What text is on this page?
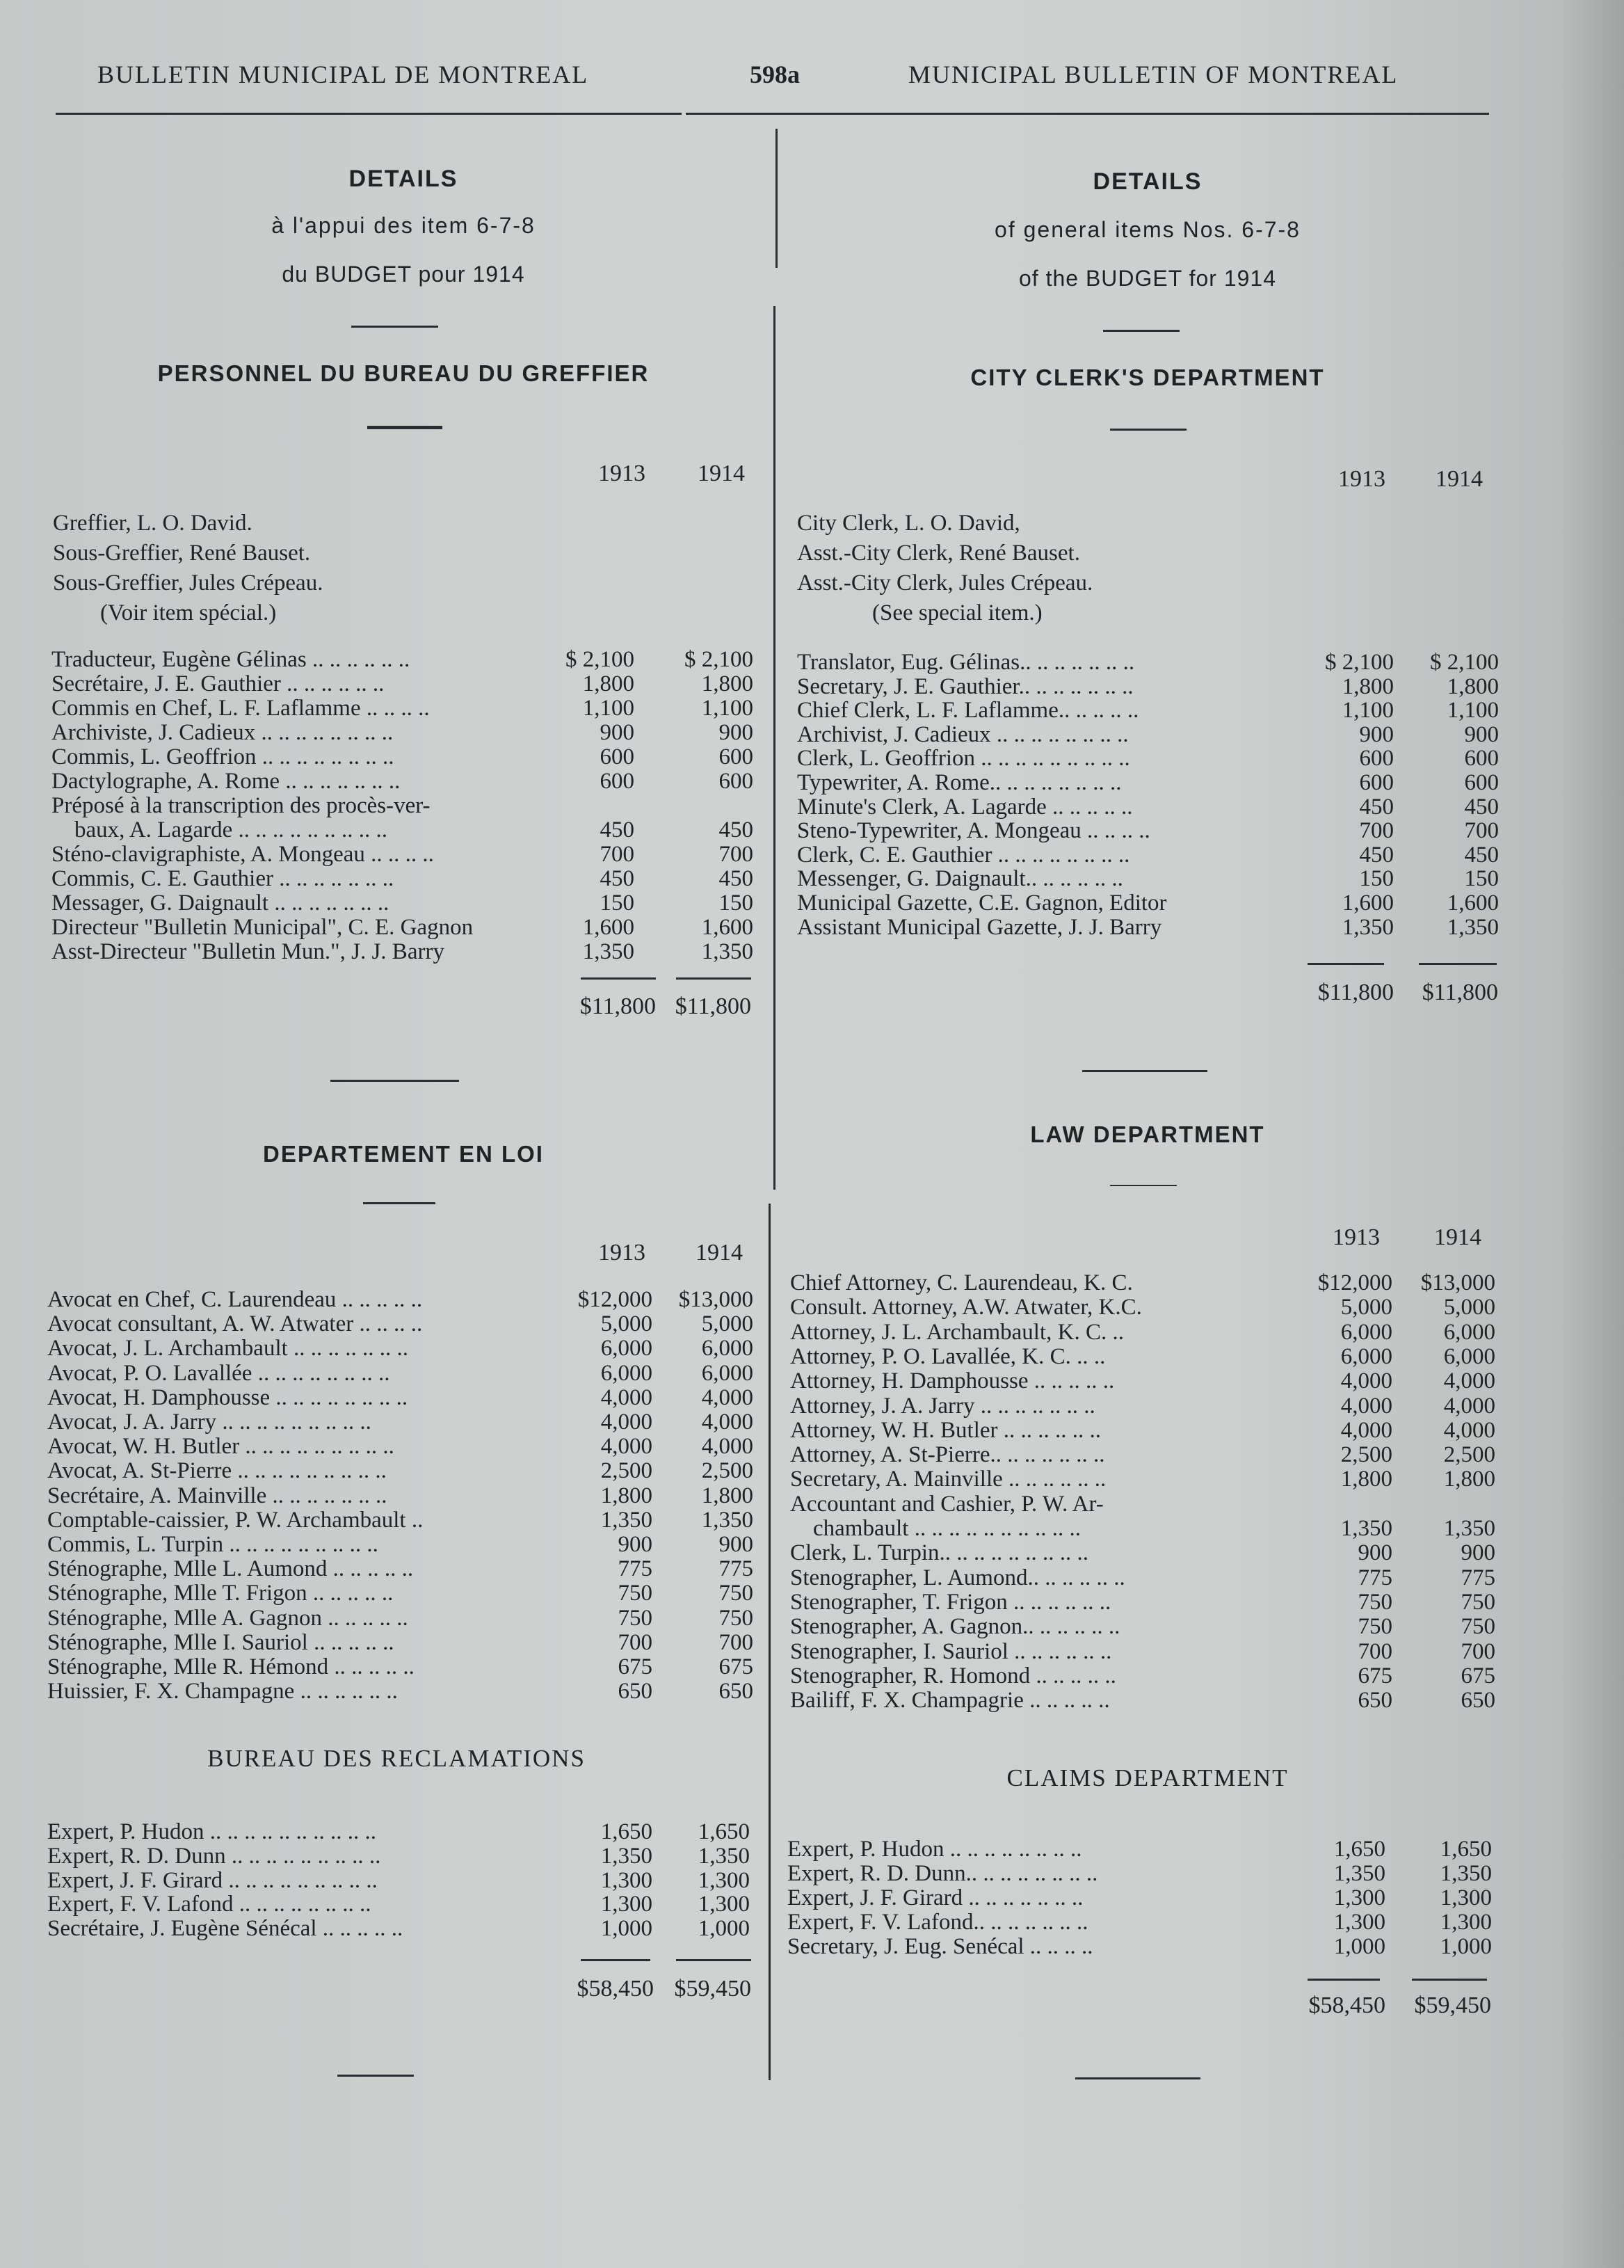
BULLETIN MUNICIPAL DE MONTREAL	598a	MUNICIPAL BULLETIN OF MONTREAL
DETAILS
à l'appui des item 6-7-8
du BUDGET pour 1914
PERSONNEL DU BUREAU DU GREFFIER
1913 1914
Greffier, L. O. David.
Sous-Greffier, René Bauset.
Sous-Greffier, Jules Crépeau.
(Voir item spécial.)
Traducteur, Eugène Gélinas .. .. .. .. .. ..	$ 2,100 $ 2,100
Secrétaire, J. E. Gauthier .. .. .. .. .. ..	1,800	1,800
Commis en Chef, L. F. Laflamme .. .. .. ..	1,100	1,100
Archiviste, J. Cadieux .. .. .. .. .. .. .. ..	900	900
Commis, L. Geoffrion .. .. .. .. .. .. .. ..	600	600
Dactylographe, A. Rome .. .. .. .. .. .. ..	600	600
Préposé à la transcription des procès-ver-
baux, A. Lagarde .. .. .. .. .. .. .. .. ..	450	450
Sténo-clavigraphiste, A. Mongeau .. .. .. ..	700	700
Commis, C. E. Gauthier .. .. .. .. .. .. ..	450	450
Messager, G. Daignault .. .. .. .. .. .. ..	150	150
Directeur "Bulletin Municipal", C. E. Gagnon	1,600	1,600
Asst-Directeur "Bulletin Mun.", J. J. Barry	1,350	1,350
$11,800 $11,800
DEPARTEMENT EN LOI
1913 1914
Avocat en Chef, C. Laurendeau .. .. .. .. ..	$12,000 $13,000
Avocat consultant, A. W. Atwater .. .. .. ..	5,000 5,000
Avocat, J. L. Archambault .. .. .. .. .. .. ..	6,000 6,000
Avocat, P. O. Lavallée .. .. .. .. .. .. .. ..	6,000 6,000
Avocat, H. Damphousse .. .. .. .. .. .. .. ..	4,000 4,000
Avocat, J. A. Jarry .. .. .. .. .. .. .. .. ..	4,000 4,000
Avocat, W. H. Butler .. .. .. .. .. .. .. .. ..	4,000 4,000
Avocat, A. St-Pierre .. .. .. .. .. .. .. .. ..	2,500 2,500
Secrétaire, A. Mainville .. .. .. .. .. .. ..	1,800 1,800
Comptable-caissier, P. W. Archambault ..	1,350 1,350
Commis, L. Turpin .. .. .. .. .. .. .. .. ..	900	900
Sténographe, Mlle L. Aumond .. .. .. .. ..	775	775
Sténographe, Mlle T. Frigon .. .. .. .. ..	750	750
Sténographe, Mlle A. Gagnon .. .. .. .. ..	750	750
Sténographe, Mlle I. Sauriol .. .. .. .. ..	700	700
Sténographe, Mlle R. Hémond .. .. .. .. ..	675	675
Huissier, F. X. Champagne .. .. .. .. .. ..	650	650
BUREAU DES RECLAMATIONS
Expert, P. Hudon .. .. .. .. .. .. .. .. .. ..	1,650 1,650
Expert, R. D. Dunn .. .. .. .. .. .. .. .. ..	1,350 1,350
Expert, J. F. Girard .. .. .. .. .. .. .. .. ..	1,300 1,300
Expert, F. V. Lafond .. .. .. .. .. .. .. ..	1,300 1,300
Secrétaire, J. Eugène Sénécal .. .. .. .. ..	1,000 1,000
$58,450 $59,450
DETAILS
of general items Nos. 6-7-8
of the BUDGET for 1914
CITY CLERK'S DEPARTMENT
1913 1914
City Clerk, L. O. David,
Asst.-City Clerk, René Bauset.
Asst.-City Clerk, Jules Crépeau.
(See special item.)
Translator, Eug. Gélinas.. .. .. .. .. .. ..	$ 2,100 $ 2,100
Secretary, J. E. Gauthier.. .. .. .. .. .. ..	1,800 1,800
Chief Clerk, L. F. Laflamme.. .. .. .. ..	1,100 1,100
Archivist, J. Cadieux .. .. .. .. .. .. .. ..	900	900
Clerk, L. Geoffrion .. .. .. .. .. .. .. .. ..	600	600
Typewriter, A. Rome.. .. .. .. .. .. .. ..	600	600
Minute's Clerk, A. Lagarde .. .. .. .. ..	450	450
Steno-Typewriter, A. Mongeau .. .. .. ..	700	700
Clerk, C. E. Gauthier .. .. .. .. .. .. .. ..	450	450
Messenger, G. Daignault.. .. .. .. .. ..	150	150
Municipal Gazette, C.E. Gagnon, Editor	1,600 1,600
Assistant Municipal Gazette, J. J. Barry	1,350 1,350
$11,800	$11,800
LAW DEPARTMENT
1913 1914
Chief Attorney, C. Laurendeau, K. C.	$12,000 $13,000
Consult. Attorney, A.W. Atwater, K.C.	5,000 5,000
Attorney, J. L. Archambault, K. C. ..	6,000 6,000
Attorney, P. O. Lavallée, K. C. .. ..	6,000 6,000
Attorney, H. Damphousse .. .. .. .. ..	4,000 4,000
Attorney, J. A. Jarry .. .. .. .. .. .. ..	4,000 4,000
Attorney, W. H. Butler .. .. .. .. .. ..	4,000 4,000
Attorney, A. St-Pierre.. .. .. .. .. .. ..	2,500 2,500
Secretary, A. Mainville .. .. .. .. .. ..	1,800 1,800
Accountant and Cashier, P. W. Ar-
chambault .. .. .. .. .. .. .. .. .. ..	1,350 1,350
Clerk, L. Turpin.. .. .. .. .. .. .. .. ..	900	900
Stenographer, L. Aumond.. .. .. .. .. ..	775	775
Stenographer, T. Frigon .. .. .. .. .. ..	750	750
Stenographer, A. Gagnon.. .. .. .. .. ..	750	750
Stenographer, I. Sauriol .. .. .. .. .. ..	700	700
Stenographer, R. Homond .. .. .. .. ..	675	675
Bailiff, F. X. Champagrie .. .. .. .. ..	650	650
CLAIMS DEPARTMENT
Expert, P. Hudon .. .. .. .. .. .. .. ..	1,650 1,650
Expert, R. D. Dunn.. .. .. .. .. .. .. ..	1,350 1,350
Expert, J. F. Girard .. .. .. .. .. .. ..	1,300 1,300
Expert, F. V. Lafond.. .. .. .. .. .. ..	1,300 1,300
Secretary, J. Eug. Senécal .. .. .. ..	1,000 1,000
$58,450	$59,450
